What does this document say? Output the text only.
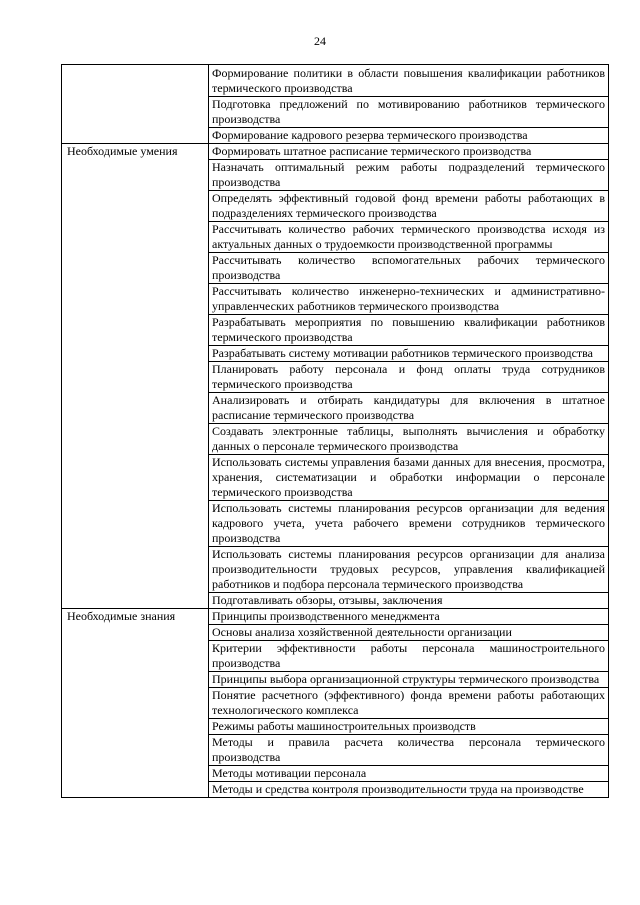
24
	Формирование политики в области повышения квалификации работников термического производства
	Подготовка предложений по мотивированию работников термического производства
	Формирование кадрового резерва термического производства
Необходимые умения	Формировать штатное расписание термического производства
	Назначать оптимальный режим работы подразделений термического производства
	Определять эффективный годовой фонд времени работы работающих в подразделениях термического производства
	Рассчитывать количество рабочих термического производства исходя из актуальных данных о трудоемкости производственной программы
	Рассчитывать количество вспомогательных рабочих термического производства
	Рассчитывать количество инженерно-технических и административно-управленческих работников термического производства
	Разрабатывать мероприятия по повышению квалификации работников термического производства
	Разрабатывать систему мотивации работников термического производства
	Планировать работу персонала и фонд оплаты труда сотрудников термического производства
	Анализировать и отбирать кандидатуры для включения в штатное расписание термического производства
	Создавать электронные таблицы, выполнять вычисления и обработку данных о персонале термического производства
	Использовать системы управления базами данных для внесения, просмотра, хранения, систематизации и обработки информации о персонале термического производства
	Использовать системы планирования ресурсов организации для ведения кадрового учета, учета рабочего времени сотрудников термического производства
	Использовать системы планирования ресурсов организации для анализа производительности трудовых ресурсов, управления квалификацией работников и подбора персонала термического производства
	Подготавливать обзоры, отзывы, заключения
Необходимые знания	Принципы производственного менеджмента
	Основы анализа хозяйственной деятельности организации
	Критерии эффективности работы персонала машиностроительного производства
	Принципы выбора организационной структуры термического производства
	Понятие расчетного (эффективного) фонда времени работы работающих технологического комплекса
	Режимы работы машиностроительных производств
	Методы и правила расчета количества персонала термического производства
	Методы мотивации персонала
	Методы и средства контроля производительности труда на производстве
